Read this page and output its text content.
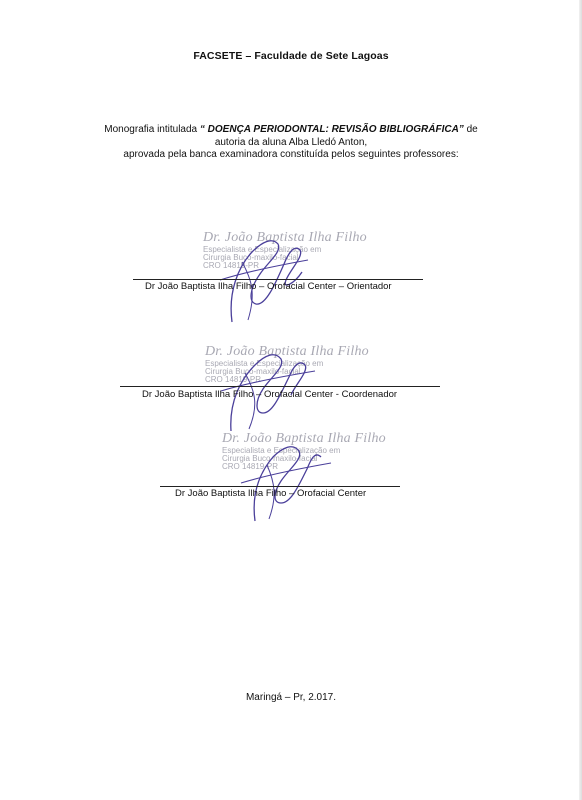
FACSETE – Faculdade de Sete Lagoas
Monografia intitulada “ DOENÇA PERIODONTAL: REVISÃO BIBLIOGRÁFICA” de
autoria da aluna Alba Lledó Anton,
aprovada pela banca examinadora constituída pelos seguintes professores:
Dr. João Baptista Ilha Filho
Especialista e Especialização em
Cirurgia Buco-maxilo-facial
CRO 14819-PR
Dr João Baptista Ilha Filho – Orofacial Center – Orientador
Dr. João Baptista Ilha Filho
Especialista e Especialização em
Cirurgia Buco-maxilo-facial
CRO 14819-PR
Dr João Baptista Ilha Filho – Orofacial Center - Coordenador
Dr. João Baptista Ilha Filho
Especialista e Especialização em
Cirurgia Buco-maxilo-facial
CRO 14819-PR
Dr João Baptista Ilha Filho – Orofacial Center
Maringá – Pr, 2.017.
